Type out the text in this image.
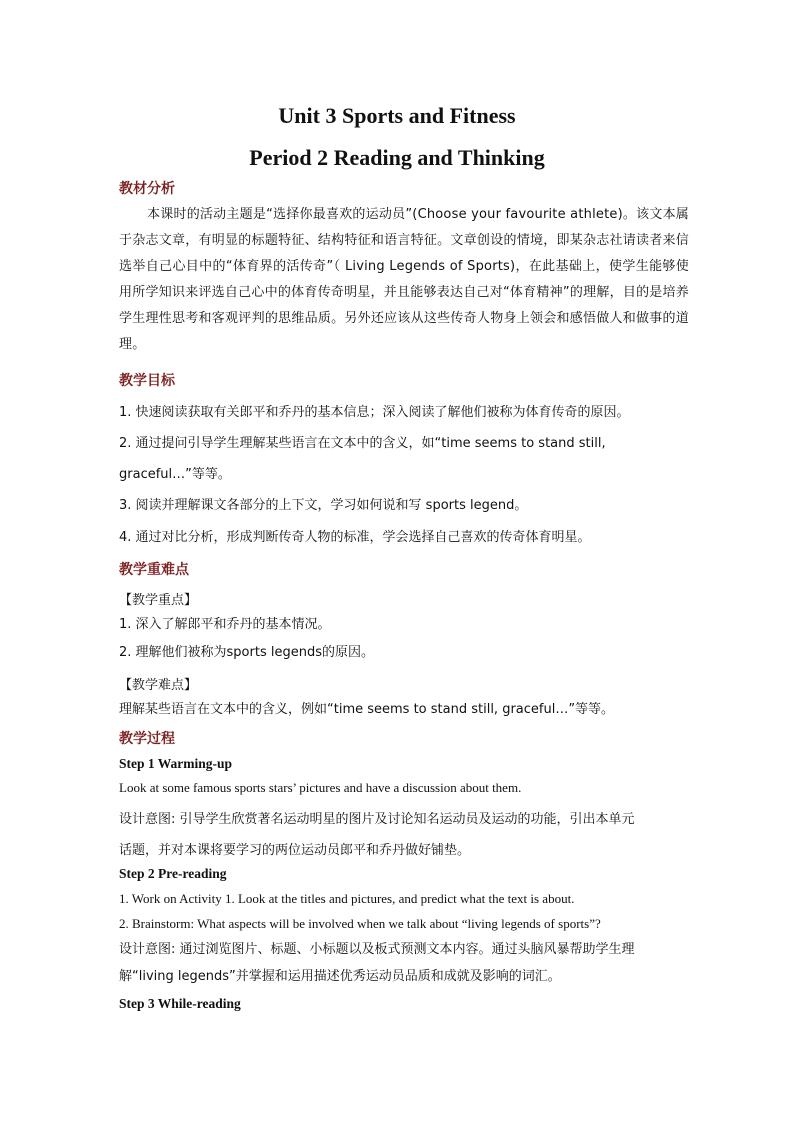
Unit 3 Sports and Fitness
Period 2 Reading and Thinking
教材分析
本课时的活动主题是“选择你最喜欢的运动员”(Choose your favourite athlete)。该文本属于杂志文章，有明显的标题特征、结构特征和语言特征。文章创设的情境，即某杂志社请读者来信选举自己心目中的“体育界的活传奇”（ Living Legends of Sports)，在此基础上，使学生能够使用所学知识来评选自己心中的体育传奇明星，并且能够表达自己对“体育精神”的理解，目的是培养学生理性思考和客观评判的思维品质。另外还应该从这些传奇人物身上领会和感悟做人和做事的道理。
教学目标
1. 快速阅读获取有关郎平和乔丹的基本信息；深入阅读了解他们被称为体育传奇的原因。
2. 通过提问引导学生理解某些语言在文本中的含义，如“time seems to stand still,
graceful…”等等。
3. 阅读并理解课文各部分的上下文，学习如何说和写 sports legend。
4. 通过对比分析，形成判断传奇人物的标准，学会选择自己喜欢的传奇体育明星。
教学重难点
【教学重点】
1. 深入了解郎平和乔丹的基本情况。
2. 理解他们被称为sports legends的原因。
【教学难点】
理解某些语言在文本中的含义，例如“time seems to stand still, graceful…”等等。
教学过程
Step 1 Warming-up
Look at some famous sports stars’ pictures and have a discussion about them.
设计意图: 引导学生欣赏著名运动明星的图片及讨论知名运动员及运动的功能，引出本单元
话题，并对本课将要学习的两位运动员郎平和乔丹做好铺垫。
Step 2 Pre-reading
1. Work on Activity 1. Look at the titles and pictures, and predict what the text is about.
2. Brainstorm: What aspects will be involved when we talk about “living legends of sports”?
设计意图: 通过浏览图片、标题、小标题以及板式预测文本内容。通过头脑风暴帮助学生理
解“living legends”并掌握和运用描述优秀运动员品质和成就及影响的词汇。
Step 3 While-reading
